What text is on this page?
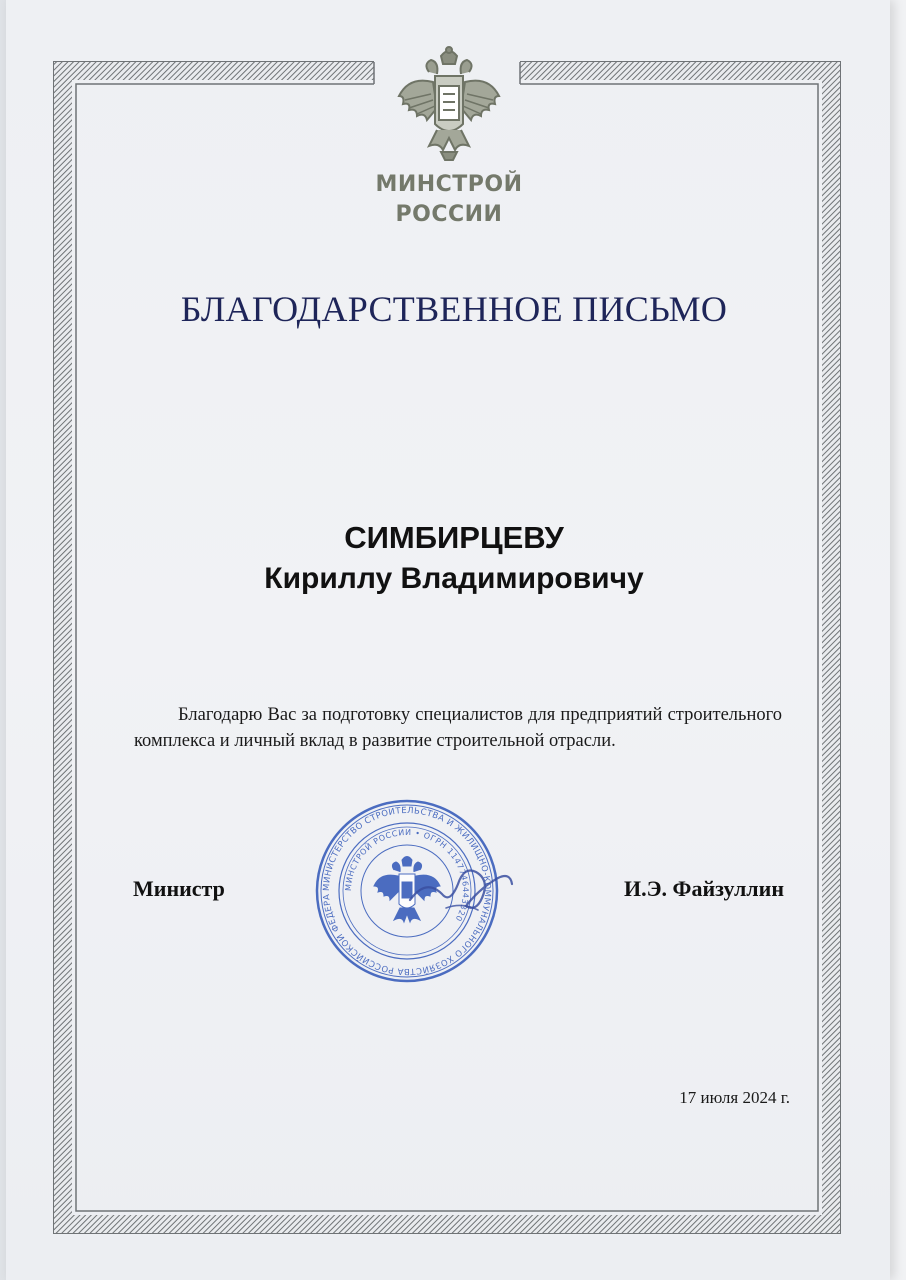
МИНСТРОЙ
РОССИИ
БЛАГОДАРСТВЕННОЕ ПИСЬМО
СИМБИРЦЕВУ
Кириллу Владимировичу

Благодарю Вас за подготовку специалистов для предприятий строительного комплекса и личный вклад в развитие строительной отрасли.

Министр	И.Э. Файзуллин
МИНИСТЕРСТВО СТРОИТЕЛЬСТВА И ЖИЛИЩНО-КОММУНАЛЬНОГО ХОЗЯЙСТВА РОССИЙСКОЙ ФЕДЕРА
МИНСТРОЙ РОССИИ • ОГРН 1147746443320
17 июля 2024 г.
